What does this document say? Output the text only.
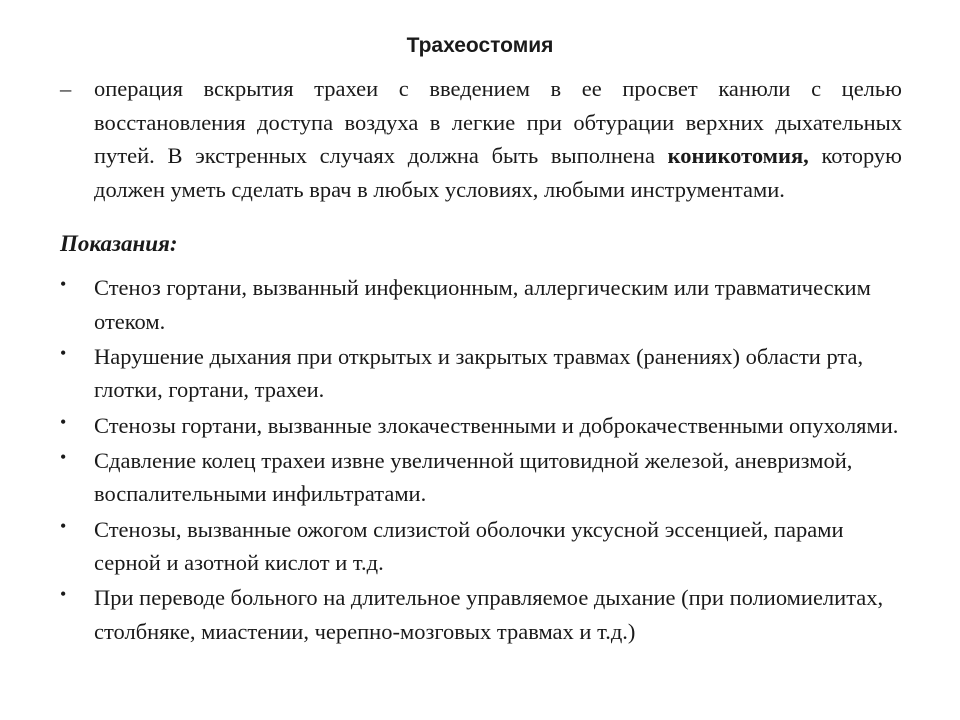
Трахеостомия
–	операция вскрытия трахеи с введением в ее просвет канюли с целью восстановления доступа воздуха в легкие при обтурации верхних дыхательных путей. В экстренных случаях должна быть выполнена коникотомия, которую должен уметь сделать врач в любых условиях, любыми инструментами.
Показания:
• Стеноз гортани, вызванный инфекционным, аллергическим или травматическим отеком.
• Нарушение дыхания при открытых и закрытых травмах (ранениях) области рта, глотки, гортани, трахеи.
• Стенозы гортани, вызванные злокачественными и доброкачественными опухолями.
• Сдавление колец трахеи извне увеличенной щитовидной железой, аневризмой, воспалительными инфильтратами.
• Стенозы, вызванные ожогом слизистой оболочки уксусной эссенцией, парами серной и азотной кислот и т.д.
• При переводе больного на длительное управляемое дыхание (при полиомиелитах, столбняке, миастении, черепно-мозговых травмах и т.д.)
